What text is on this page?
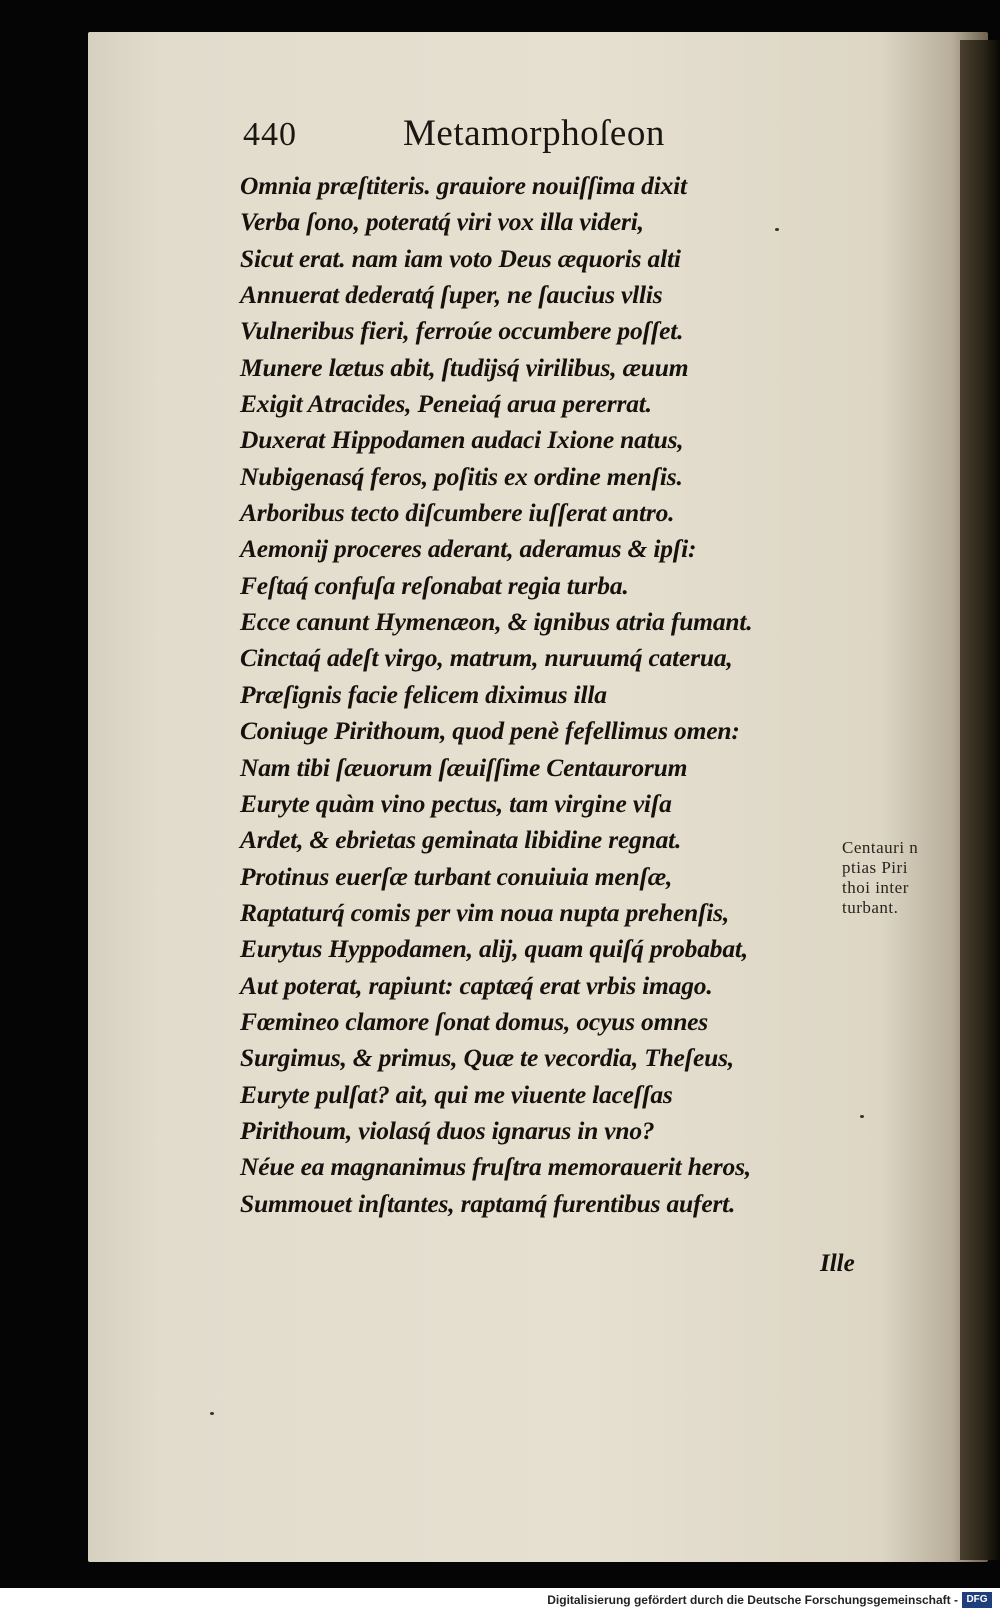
440	Metamorphoſeon
Omnia præſtiteris. grauiore nouiſſima dixit
Verba ſono, poteratq́ viri vox illa videri,
Sicut erat. nam iam voto Deus æquoris alti
Annuerat dederatq́ ſuper, ne ſaucius vllis
Vulneribus fieri, ferroúe occumbere poſſet.
Munere lætus abit, ſtudijsq́ virilibus, æuum
Exigit Atracides, Peneiaq́ arua pererrat.
Duxerat Hippodamen audaci Ixione natus,
Nubigenasq́ feros, poſitis ex ordine menſis.
Arboribus tecto diſcumbere iuſſerat antro.
Aemonij proceres aderant, aderamus & ipſi:
Feſtaq́ confuſa reſonabat regia turba.
Ecce canunt Hymenæon, & ignibus atria fumant.
Cinctaq́ adeſt virgo, matrum, nuruumq́ caterua,
Præſignis facie felicem diximus illa
Coniuge Pirithoum, quod penè fefellimus omen:
Nam tibi ſæuorum ſæuiſſime Centaurorum
Euryte quàm vino pectus, tam virgine viſa
Ardet, & ebrietas geminata libidine regnat.
Protinus euerſæ turbant conuiuia menſæ,
Raptaturq́ comis per vim noua nupta prehenſis,
Eurytus Hyppodamen, alij, quam quiſq́ probabat,
Aut poterat, rapiunt: captæq́ erat vrbis imago.
Fœmineo clamore ſonat domus, ocyus omnes
Surgimus, & primus, Quæ te vecordia, Theſeus,
Euryte pulſat? ait, qui me viuente laceſſas
Pirithoum, violasq́ duos ignarus in vno?
Néue ea magnanimus fruſtra memorauerit heros,
Summouet inſtantes, raptamq́ furentibus aufert.
Ille
Centauri n
ptias Piri
thoi inter
turbant.
Digitalisierung gefördert durch die Deutsche Forschungsgemeinschaft - DFG
